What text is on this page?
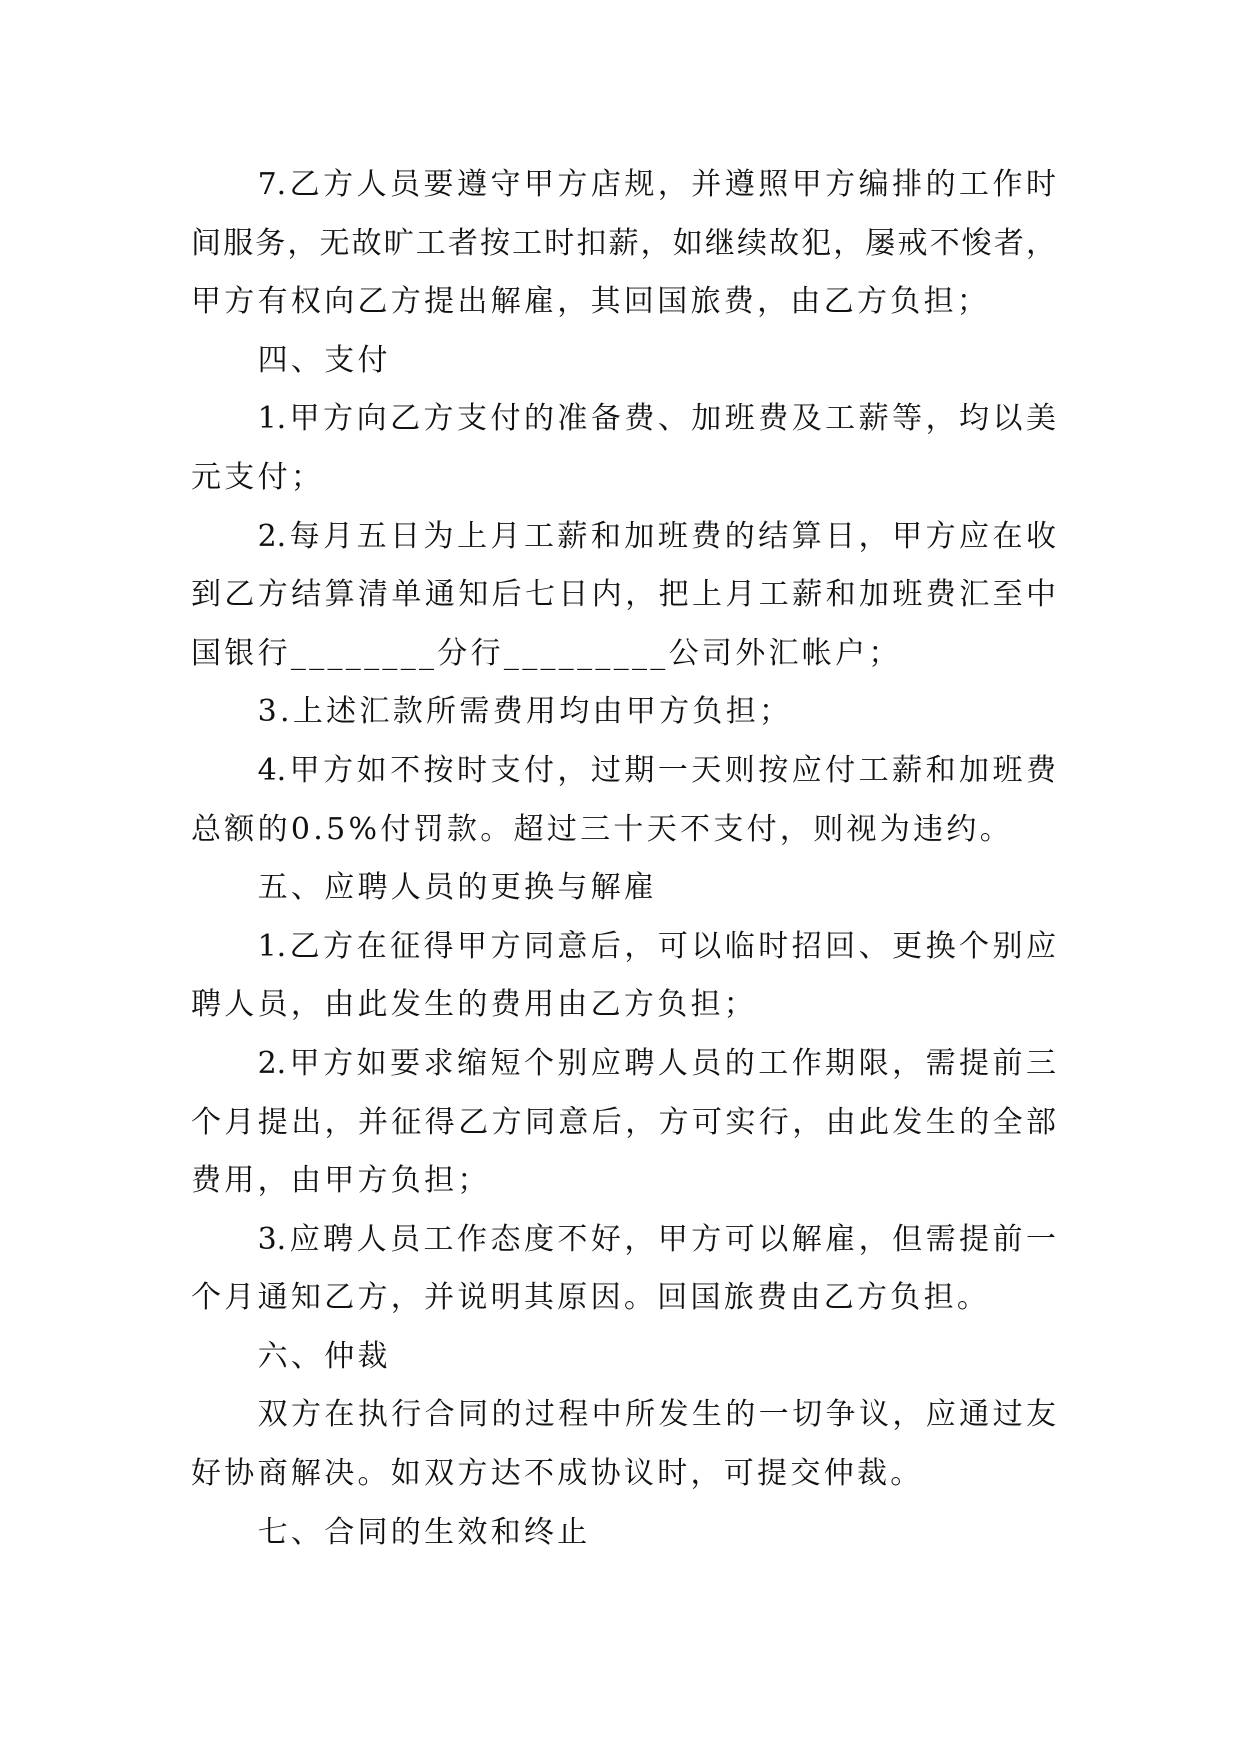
7.乙方人员要遵守甲方店规，并遵照甲方编排的工作时
间服务，无故旷工者按工时扣薪，如继续故犯，屡戒不悛者，
甲方有权向乙方提出解雇，其回国旅费，由乙方负担；
四、支付
1.甲方向乙方支付的准备费、加班费及工薪等，均以美
元支付；
2.每月五日为上月工薪和加班费的结算日，甲方应在收
到乙方结算清单通知后七日内，把上月工薪和加班费汇至中
国银行________分行_________公司外汇帐户；
3.上述汇款所需费用均由甲方负担；
4.甲方如不按时支付，过期一天则按应付工薪和加班费
总额的0.5%付罚款。超过三十天不支付，则视为违约。
五、应聘人员的更换与解雇
1.乙方在征得甲方同意后，可以临时招回、更换个别应
聘人员，由此发生的费用由乙方负担；
2.甲方如要求缩短个别应聘人员的工作期限，需提前三
个月提出，并征得乙方同意后，方可实行，由此发生的全部
费用，由甲方负担；
3.应聘人员工作态度不好，甲方可以解雇，但需提前一
个月通知乙方，并说明其原因。回国旅费由乙方负担。
六、仲裁
双方在执行合同的过程中所发生的一切争议，应通过友
好协商解决。如双方达不成协议时，可提交仲裁。
七、合同的生效和终止
